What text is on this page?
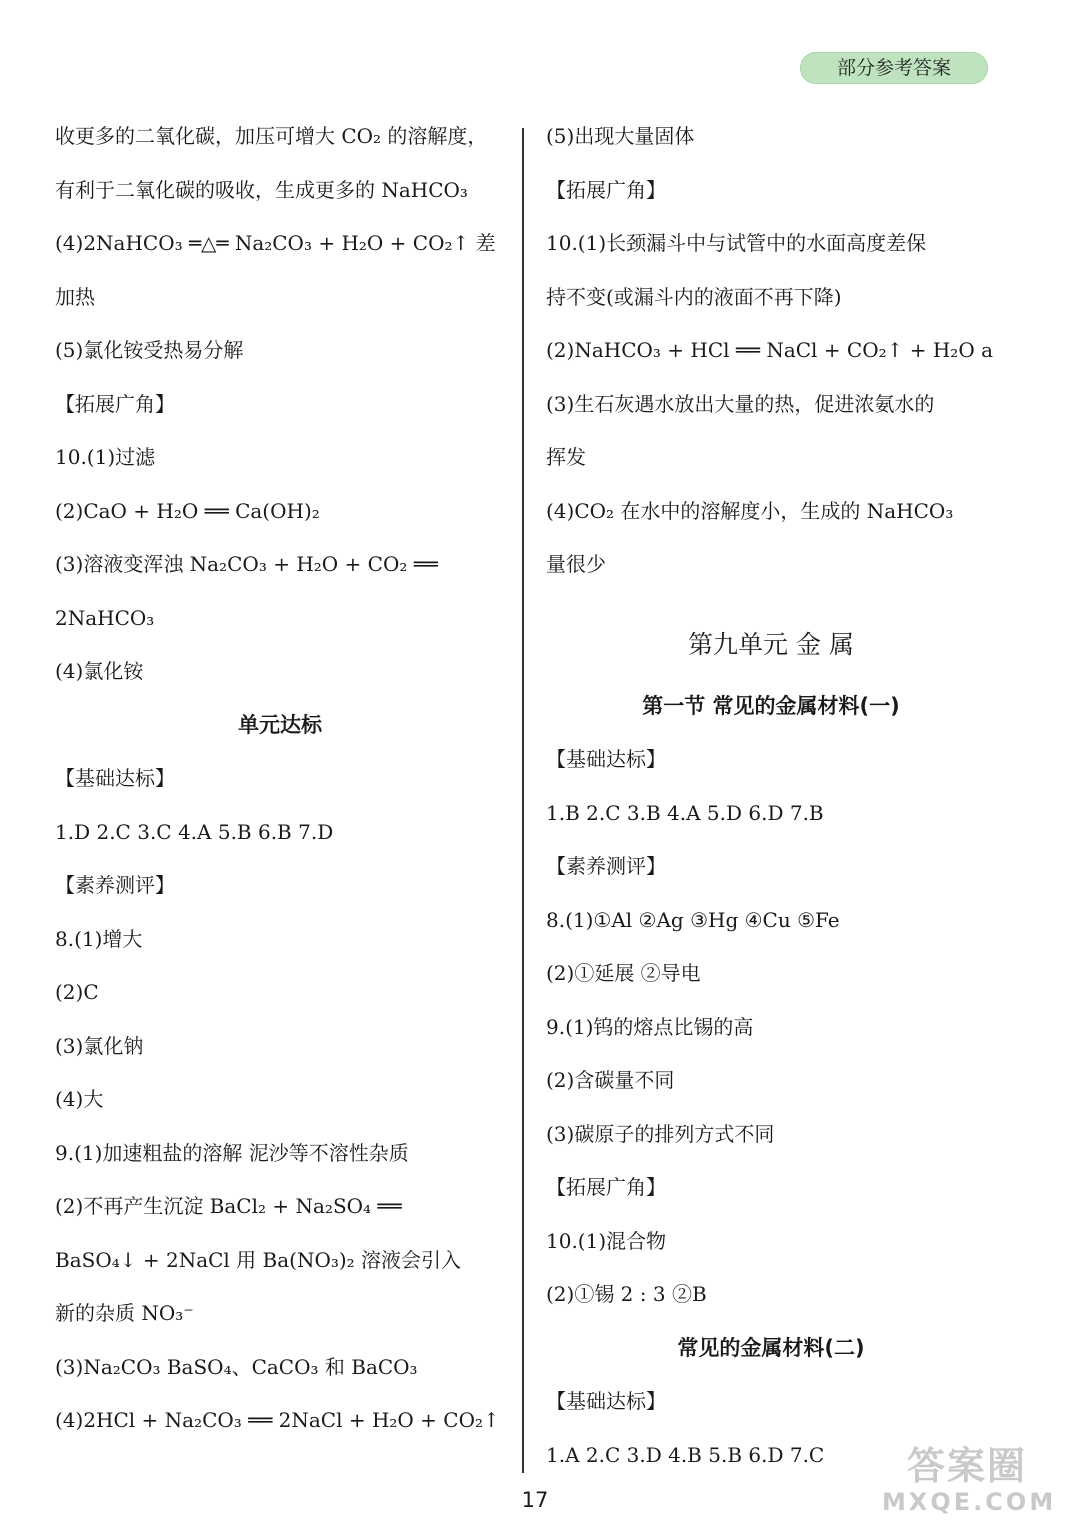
部分参考答案
收更多的二氧化碳，加压可增大 CO₂ 的溶解度，
有利于二氧化碳的吸收，生成更多的 NaHCO₃
(4)2NaHCO₃ ═△═ Na₂CO₃ + H₂O + CO₂↑ 差
加热
(5)氯化铵受热易分解
【拓展广角】
10.(1)过滤
(2)CaO + H₂O ══ Ca(OH)₂
(3)溶液变浑浊 Na₂CO₃ + H₂O + CO₂ ══
2NaHCO₃
(4)氯化铵
单元达标
【基础达标】
1.D 2.C 3.C 4.A 5.B 6.B 7.D
【素养测评】
8.(1)增大
(2)C
(3)氯化钠
(4)大
9.(1)加速粗盐的溶解 泥沙等不溶性杂质
(2)不再产生沉淀 BaCl₂ + Na₂SO₄ ══
BaSO₄↓ + 2NaCl 用 Ba(NO₃)₂ 溶液会引入
新的杂质 NO₃⁻
(3)Na₂CO₃ BaSO₄、CaCO₃ 和 BaCO₃
(4)2HCl + Na₂CO₃ ══ 2NaCl + H₂O + CO₂↑
(5)出现大量固体
【拓展广角】
10.(1)长颈漏斗中与试管中的水面高度差保
持不变(或漏斗内的液面不再下降)
(2)NaHCO₃ + HCl ══ NaCl + CO₂↑ + H₂O a
(3)生石灰遇水放出大量的热，促进浓氨水的
挥发
(4)CO₂ 在水中的溶解度小，生成的 NaHCO₃
量很少
第九单元 金 属
第一节 常见的金属材料(一)
【基础达标】
1.B 2.C 3.B 4.A 5.D 6.D 7.B
【素养测评】
8.(1)①Al ②Ag ③Hg ④Cu ⑤Fe
(2)①延展 ②导电
9.(1)钨的熔点比锡的高
(2)含碳量不同
(3)碳原子的排列方式不同
【拓展广角】
10.(1)混合物
(2)①锡 2 : 3 ②B
常见的金属材料(二)
【基础达标】
1.A 2.C 3.D 4.B 5.B 6.D 7.C
17
答案圈
MXQE.COM
